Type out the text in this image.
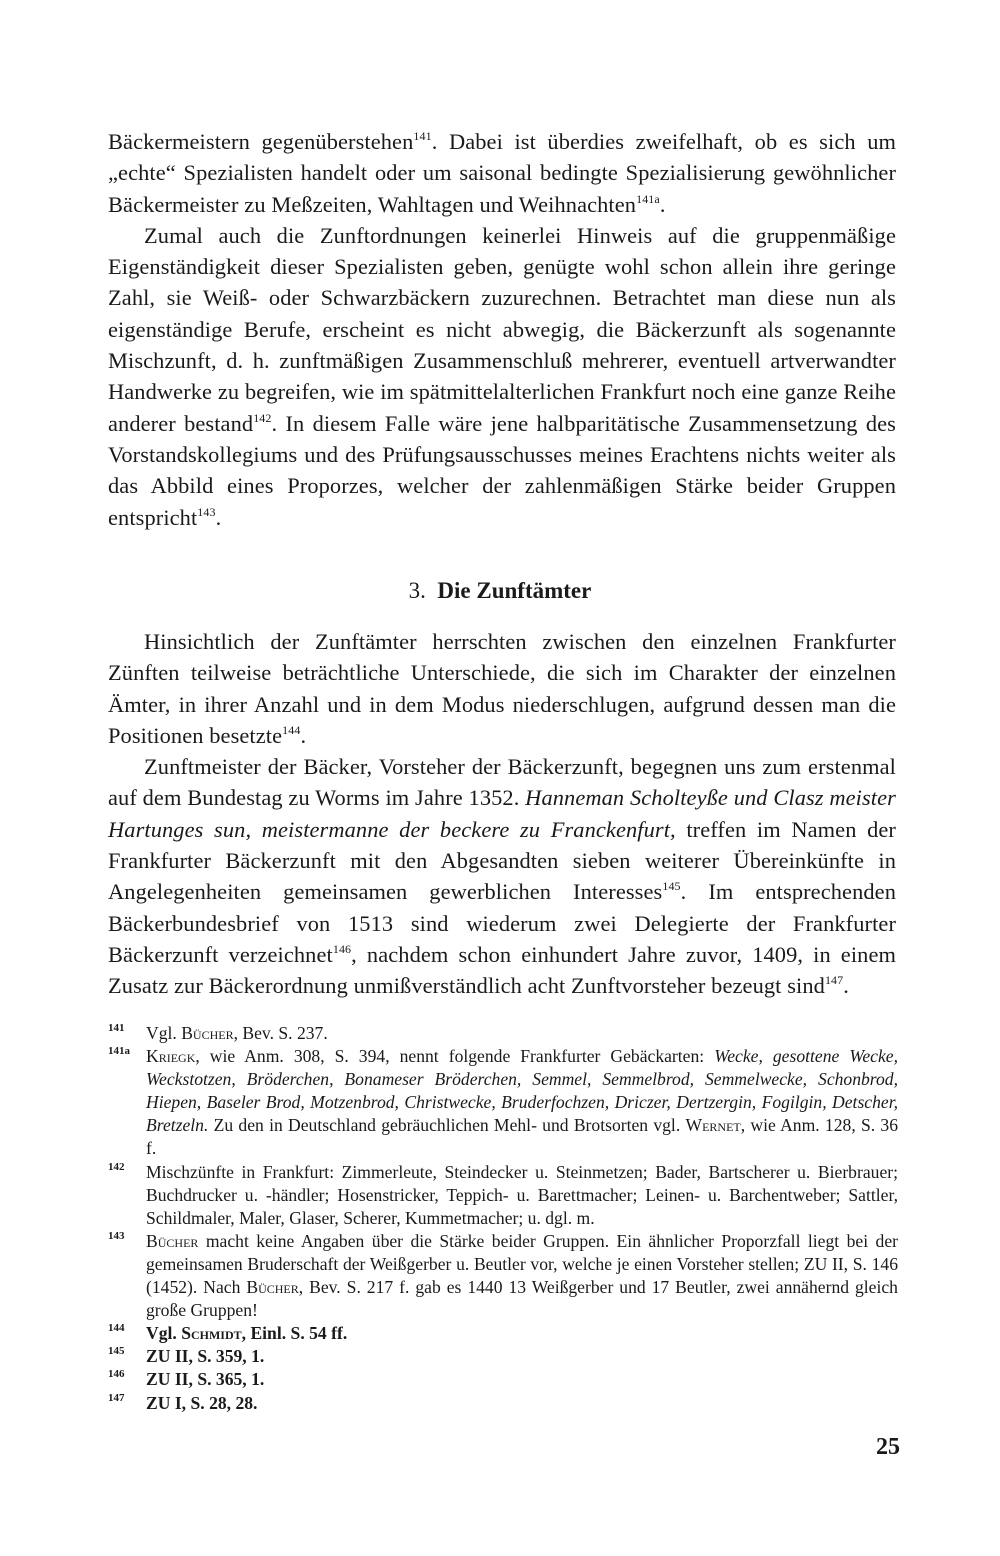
Bäckermeistern gegenüberstehen$^{141}$. Dabei ist überdies zweifelhaft, ob es sich um „echte“ Spezialisten handelt oder um saisonal bedingte Spezialisierung gewöhnlicher Bäckermeister zu Meßzeiten, Wahltagen und Weihnachten$^{141a}$.

Zumal auch die Zunftordnungen keinerlei Hinweis auf die gruppenmäßige Eigenständigkeit dieser Spezialisten geben, genügte wohl schon allein ihre geringe Zahl, sie Weiß- oder Schwarzbäckern zuzurechnen. Betrachtet man diese nun als eigenständige Berufe, erscheint es nicht abwegig, die Bäckerzunft als sogenannte Mischzunft, d. h. zunftmäßigen Zusammenschluß mehrerer, eventuell artverwandter Handwerke zu begreifen, wie im spätmittelalterlichen Frankfurt noch eine ganze Reihe anderer bestand$^{142}$. In diesem Falle wäre jene halbparitätische Zusammensetzung des Vorstandskollegiums und des Prüfungsausschusses meines Erachtens nichts weiter als das Abbild eines Proporzes, welcher der zahlenmäßigen Stärke beider Gruppen entspricht$^{143}$.

3. Die Zunftämter

Hinsichtlich der Zunftämter herrschten zwischen den einzelnen Frankfurter Zünften teilweise beträchtliche Unterschiede, die sich im Charakter der einzelnen Ämter, in ihrer Anzahl und in dem Modus niederschlugen, aufgrund dessen man die Positionen besetzte$^{144}$.

Zunftmeister der Bäcker, Vorsteher der Bäckerzunft, begegnen uns zum erstenmal auf dem Bundestag zu Worms im Jahre 1352. Hanneman Scholteyße und Clasz meister Hartunges sun, meistermanne der beckere zu Franckenfurt, treffen im Namen der Frankfurter Bäckerzunft mit den Abgesandten sieben weiterer Übereinkünfte in Angelegenheiten gemeinsamen gewerblichen Interesses$^{145}$. Im entsprechenden Bäckerbundesbrief von 1513 sind wiederum zwei Delegierte der Frankfurter Bäckerzunft verzeichnet$^{146}$, nachdem schon einhundert Jahre zuvor, 1409, in einem Zusatz zur Bäckerordnung unmißverständlich acht Zunftvorsteher bezeugt sind$^{147}$.

141	Vgl. Bücher, Bev. S. 237.
141a Kriegk, wie Anm. 308, S. 394, nennt folgende Frankfurter Gebäckarten: Wecke, gesottene Wecke, Weckstotzen, Bröderchen, Bonameser Bröderchen, Semmel, Semmelbrod, Semmelwecke, Schonbrod, Hiepen, Baseler Brod, Motzenbrod, Christwecke, Bruderfochzen, Driczer, Dertzergin, Fogilgin, Detscher, Bretzeln. Zu den in Deutschland gebräuchlichen Mehl- und Brotsorten vgl. Wernet, wie Anm. 128, S. 36 f.
142	Mischzünfte in Frankfurt: Zimmerleute, Steindecker u. Steinmetzen; Bader, Bartscherer u. Bierbrauer; Buchdrucker u. -händler; Hosenstricker, Teppich- u. Barettmacher; Leinen- u. Barchentweber; Sattler, Schildmaler, Maler, Glaser, Scherer, Kummetmacher; u. dgl. m.
143	Bücher macht keine Angaben über die Stärke beider Gruppen. Ein ähnlicher Proporzfall liegt bei der gemeinsamen Bruderschaft der Weißgerber u. Beutler vor, welche je einen Vorsteher stellen; ZU II, S. 146 (1452). Nach Bücher, Bev. S. 217 f. gab es 1440 13 Weißgerber und 17 Beutler, zwei annähernd gleich große Gruppen!
144	Vgl. Schmidt, Einl. S. 54 ff.
145	ZU II, S. 359, 1.
146	ZU II, S. 365, 1.
147	ZU I, S. 28, 28.
25
